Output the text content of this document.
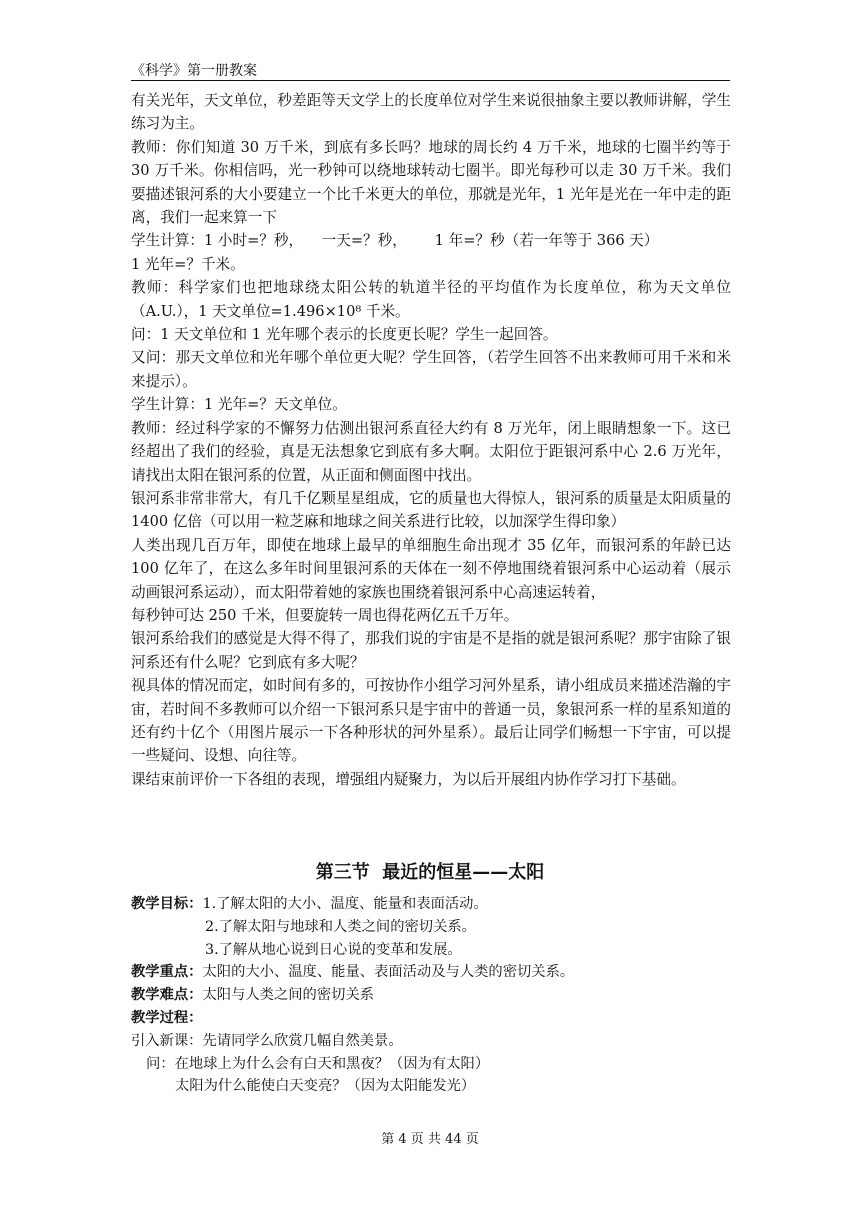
《科学》第一册教案

有关光年，天文单位，秒差距等天文学上的长度单位对学生来说很抽象主要以教师讲解，学生练习为主。

教师：你们知道 30 万千米，到底有多长吗？地球的周长约 4 万千米，地球的七圈半约等于 30 万千米。你相信吗，光一秒钟可以绕地球转动七圈半。即光每秒可以走 30 万千米。我们要描述银河系的大小要建立一个比千米更大的单位，那就是光年，1 光年是光在一年中走的距离，我们一起来算一下

学生计算：1 小时=？秒，    一天=？秒，      1 年=？秒（若一年等于 366 天）

1 光年=？千米。

教师：科学家们也把地球绕太阳公转的轨道半径的平均值作为长度单位，称为天文单位（A.U.），1 天文单位=1.496×10⁸ 千米。

问：1 天文单位和 1 光年哪个表示的长度更长呢？学生一起回答。

又问：那天文单位和光年哪个单位更大呢？学生回答，（若学生回答不出来教师可用千米和米来提示）。

学生计算：1 光年=？天文单位。

教师：经过科学家的不懈努力估测出银河系直径大约有 8 万光年，闭上眼睛想象一下。这已经超出了我们的经验，真是无法想象它到底有多大啊。太阳位于距银河系中心 2.6 万光年，请找出太阳在银河系的位置，从正面和侧面图中找出。

银河系非常非常大，有几千亿颗星星组成，它的质量也大得惊人，银河系的质量是太阳质量的 1400 亿倍（可以用一粒芝麻和地球之间关系进行比较，以加深学生得印象）

人类出现几百万年，即使在地球上最早的单细胞生命出现才 35 亿年，而银河系的年龄已达 100 亿年了，在这么多年时间里银河系的天体在一刻不停地围绕着银河系中心运动着（展示动画银河系运动），而太阳带着她的家族也围绕着银河系中心高速运转着，

每秒钟可达 250 千米，但要旋转一周也得花两亿五千万年。

银河系给我们的感觉是大得不得了，那我们说的宇宙是不是指的就是银河系呢？那宇宙除了银河系还有什么呢？它到底有多大呢？

视具体的情况而定，如时间有多的，可按协作小组学习河外星系，请小组成员来描述浩瀚的宇宙，若时间不多教师可以介绍一下银河系只是宇宙中的普通一员，象银河系一样的星系知道的还有约十亿个（用图片展示一下各种形状的河外星系）。最后让同学们畅想一下宇宙，可以提一些疑问、设想、向往等。

课结束前评价一下各组的表现，增强组内疑聚力，为以后开展组内协作学习打下基础。

第三节  最近的恒星——太阳
教学目标：1.了解太阳的大小、温度、能量和表面活动。
2.了解太阳与地球和人类之间的密切关系。
3.了解从地心说到日心说的变革和发展。
教学重点：太阳的大小、温度、能量、表面活动及与人类的密切关系。
教学难点：太阳与人类之间的密切关系
教学过程：
引入新课：先请同学么欣赏几幅自然美景。
问：在地球上为什么会有白天和黑夜？（因为有太阳）
太阳为什么能使白天变亮？（因为太阳能发光）
第 4 页 共 44 页
